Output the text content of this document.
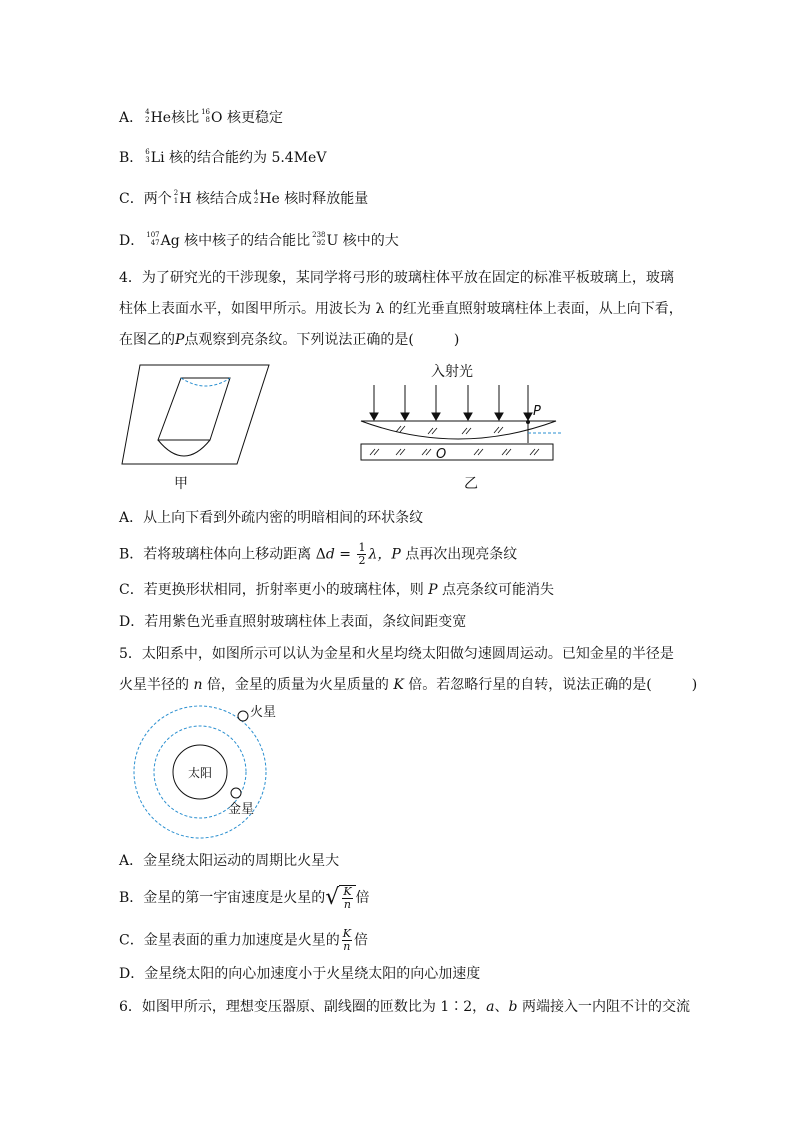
A． 4
2 He核比 16
8 O 核更稳定
B． 6
3 Li 核的结合能约为 5.4MeV
C．两个 2
1 H 核结合成 4
2 He 核时释放能量
D． 107
47 Ag 核中核子的结合能比 238
92 U 核中的大
4．为了研究光的干涉现象，某同学将弓形的玻璃柱体平放在固定的标准平板玻璃上，玻璃
柱体上表面水平，如图甲所示。用波长为 λ 的红光垂直照射玻璃柱体上表面，从上向下看，
在图乙的P点观察到亮条纹。下列说法正确的是(	)
甲
入射光
P
O
乙
A．从上向下看到外疏内密的明暗相间的环状条纹
B．若将玻璃柱体向上移动距离 $\Delta d = \frac{1}{2}$ λ，P 点再次出现亮条纹
C．若更换形状相同，折射率更小的玻璃柱体，则 P 点亮条纹可能消失
D．若用紫色光垂直照射玻璃柱体上表面，条纹间距变宽
5．太阳系中，如图所示可以认为金星和火星均绕太阳做匀速圆周运动。已知金星的半径是
火星半径的 n 倍，金星的质量为火星质量的 K 倍。若忽略行星的自转，说法正确的是(	)
太阳
火星
金星
A．金星绕太阳运动的周期比火星大
B．金星的第一宇宙速度是火星的 √ $\frac{K}{n}$ 倍
C．金星表面的重力加速度是火星的 $\frac{K}{n}$ 倍
D．金星绕太阳的向心加速度小于火星绕太阳的向心加速度
6．如图甲所示，理想变压器原、副线圈的匝数比为 1∶2，a、b 两端接入一内阻不计的交流
